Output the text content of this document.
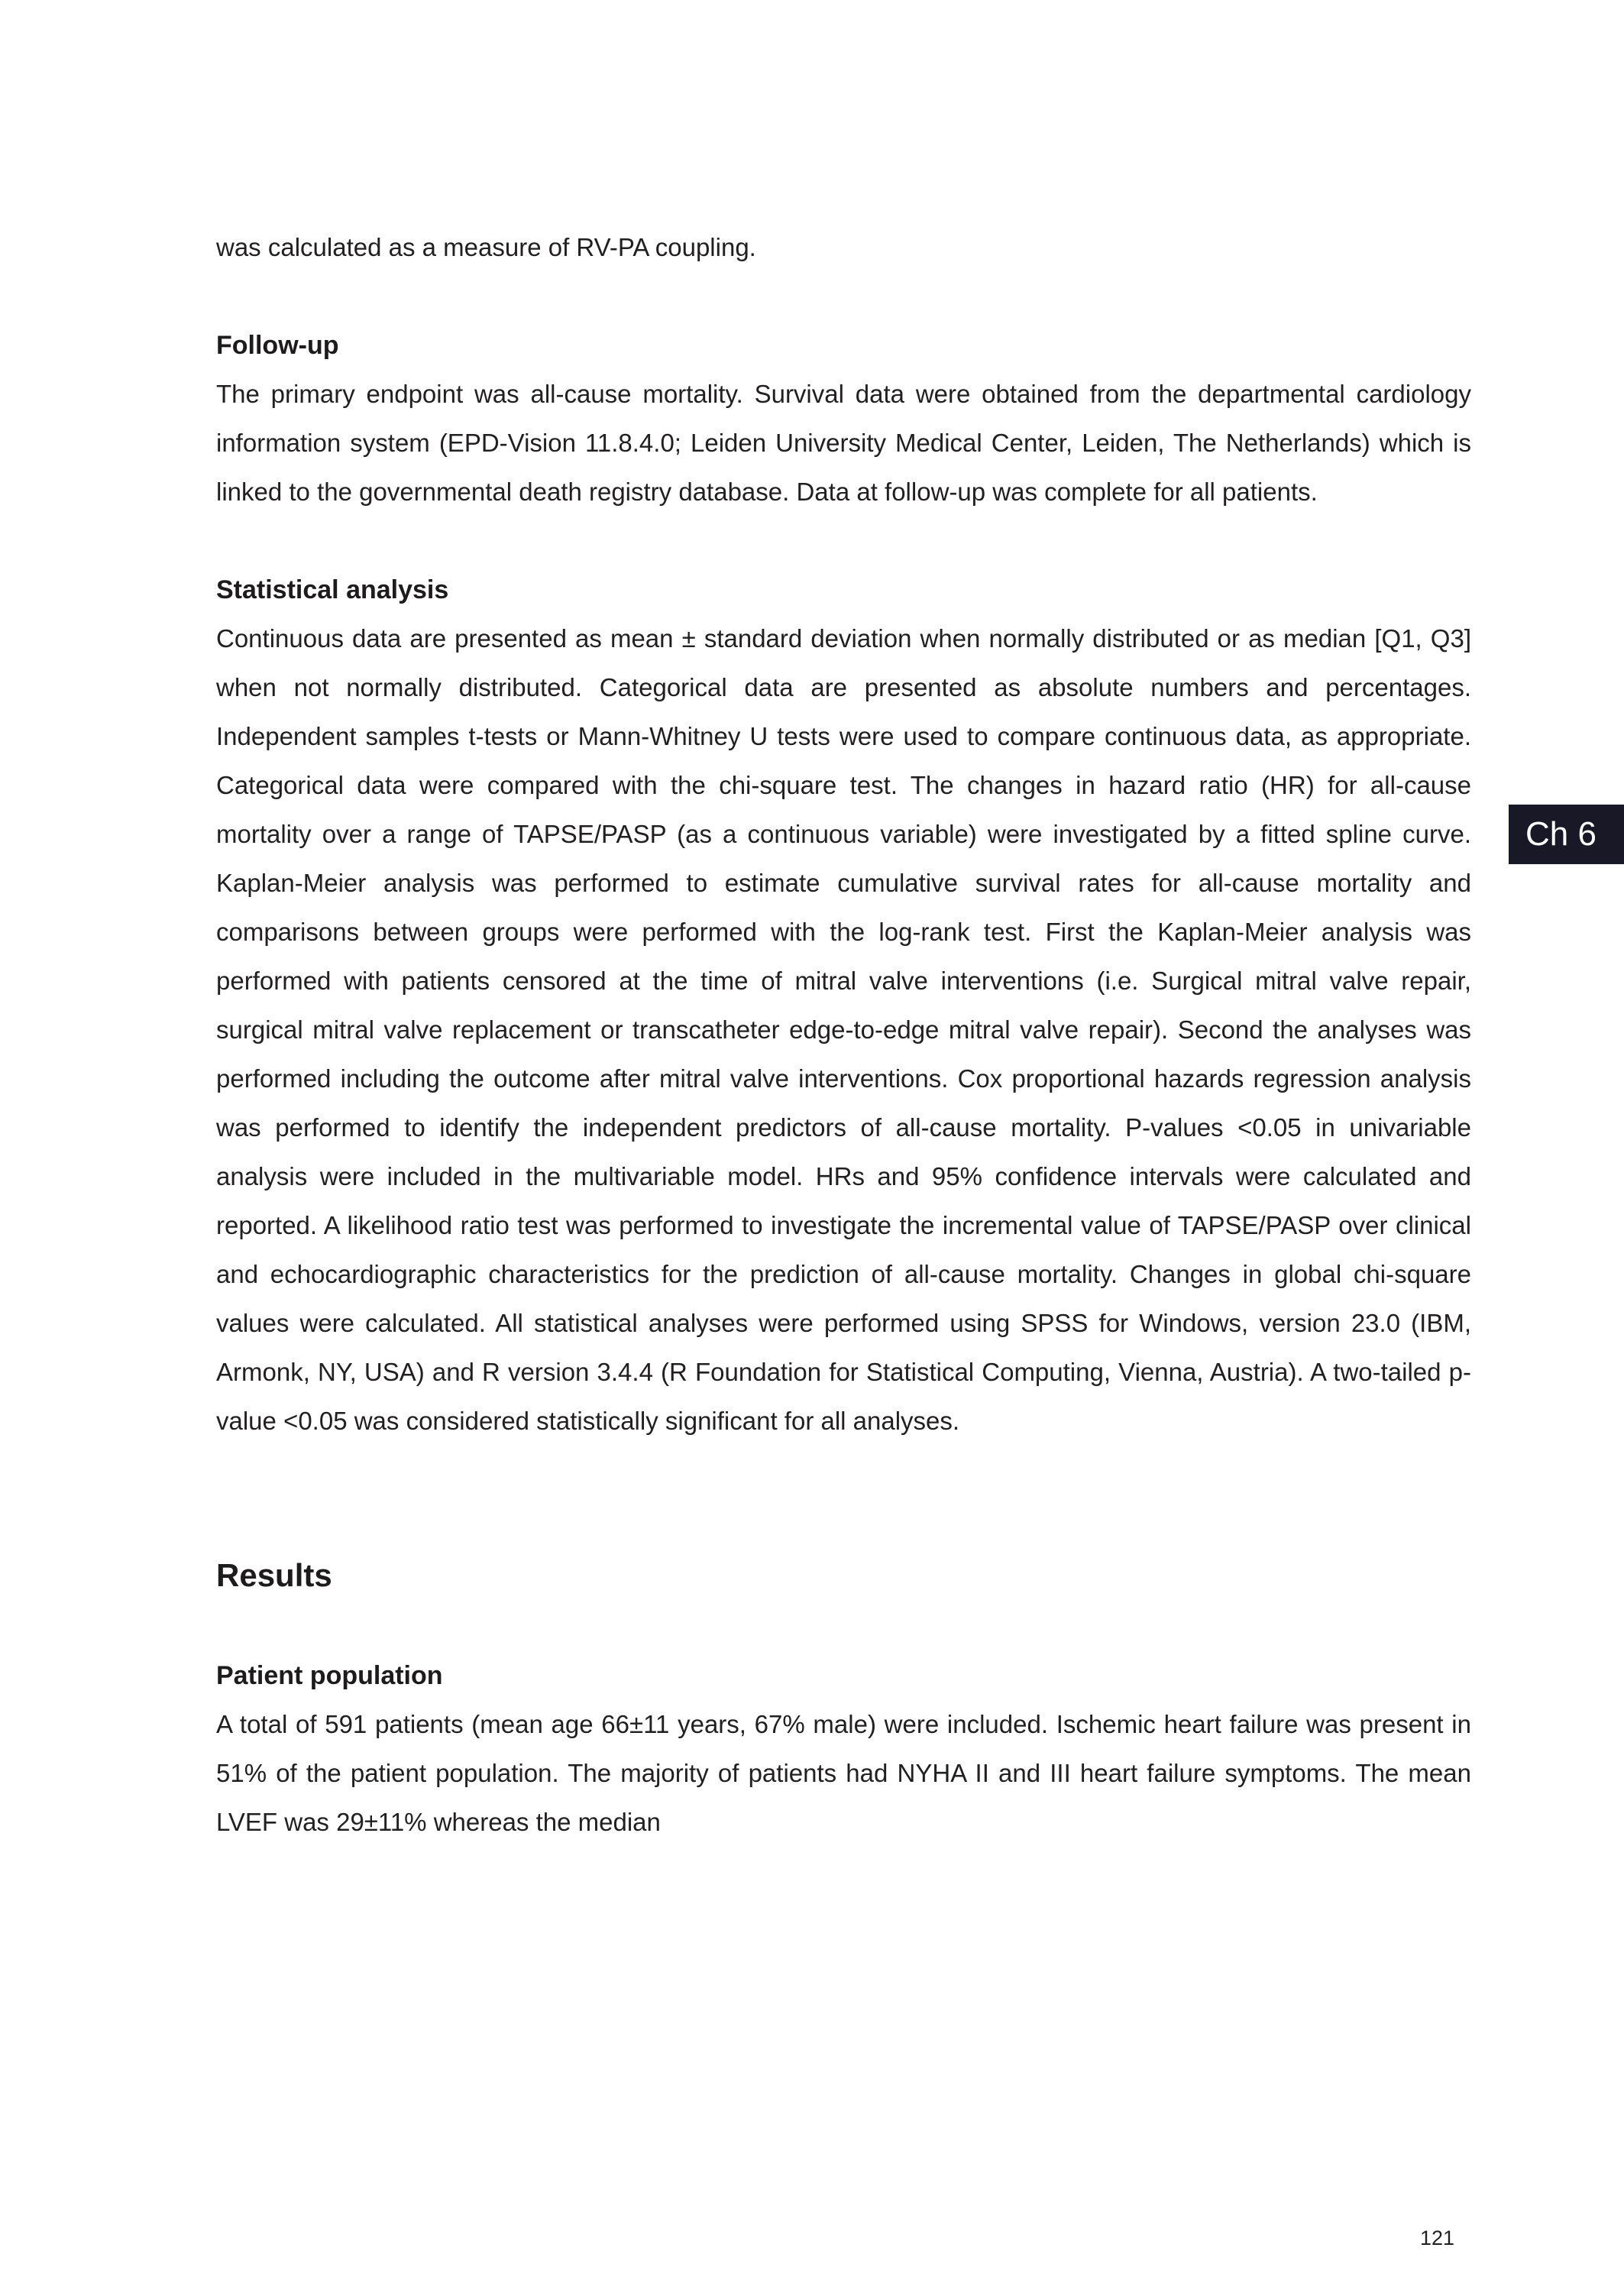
Ch 6

was calculated as a measure of RV-PA coupling.

Follow-up

The primary endpoint was all-cause mortality. Survival data were obtained from the departmental cardiology information system (EPD-Vision 11.8.4.0; Leiden University Medical Center, Leiden, The Netherlands) which is linked to the governmental death registry database. Data at follow-up was complete for all patients.

Statistical analysis

Continuous data are presented as mean ± standard deviation when normally distributed or as median [Q1, Q3] when not normally distributed. Categorical data are presented as absolute numbers and percentages. Independent samples t-tests or Mann-Whitney U tests were used to compare continuous data, as appropriate. Categorical data were compared with the chi-square test. The changes in hazard ratio (HR) for all-cause mortality over a range of TAPSE/PASP (as a continuous variable) were investigated by a fitted spline curve. Kaplan-Meier analysis was performed to estimate cumulative survival rates for all-cause mortality and comparisons between groups were performed with the log-rank test. First the Kaplan-Meier analysis was performed with patients censored at the time of mitral valve interventions (i.e. Surgical mitral valve repair, surgical mitral valve replacement or transcatheter edge-to-edge mitral valve repair). Second the analyses was performed including the outcome after mitral valve interventions. Cox proportional hazards regression analysis was performed to identify the independent predictors of all-cause mortality. P-values <0.05 in univariable analysis were included in the multivariable model. HRs and 95% confidence intervals were calculated and reported. A likelihood ratio test was performed to investigate the incremental value of TAPSE/PASP over clinical and echocardiographic characteristics for the prediction of all-cause mortality. Changes in global chi-square values were calculated. All statistical analyses were performed using SPSS for Windows, version 23.0 (IBM, Armonk, NY, USA) and R version 3.4.4 (R Foundation for Statistical Computing, Vienna, Austria). A two-tailed p-value <0.05 was considered statistically significant for all analyses.

Results
Patient population

A total of 591 patients (mean age 66±11 years, 67% male) were included. Ischemic heart failure was present in 51% of the patient population. The majority of patients had NYHA II and III heart failure symptoms. The mean LVEF was 29±11% whereas the median

121
